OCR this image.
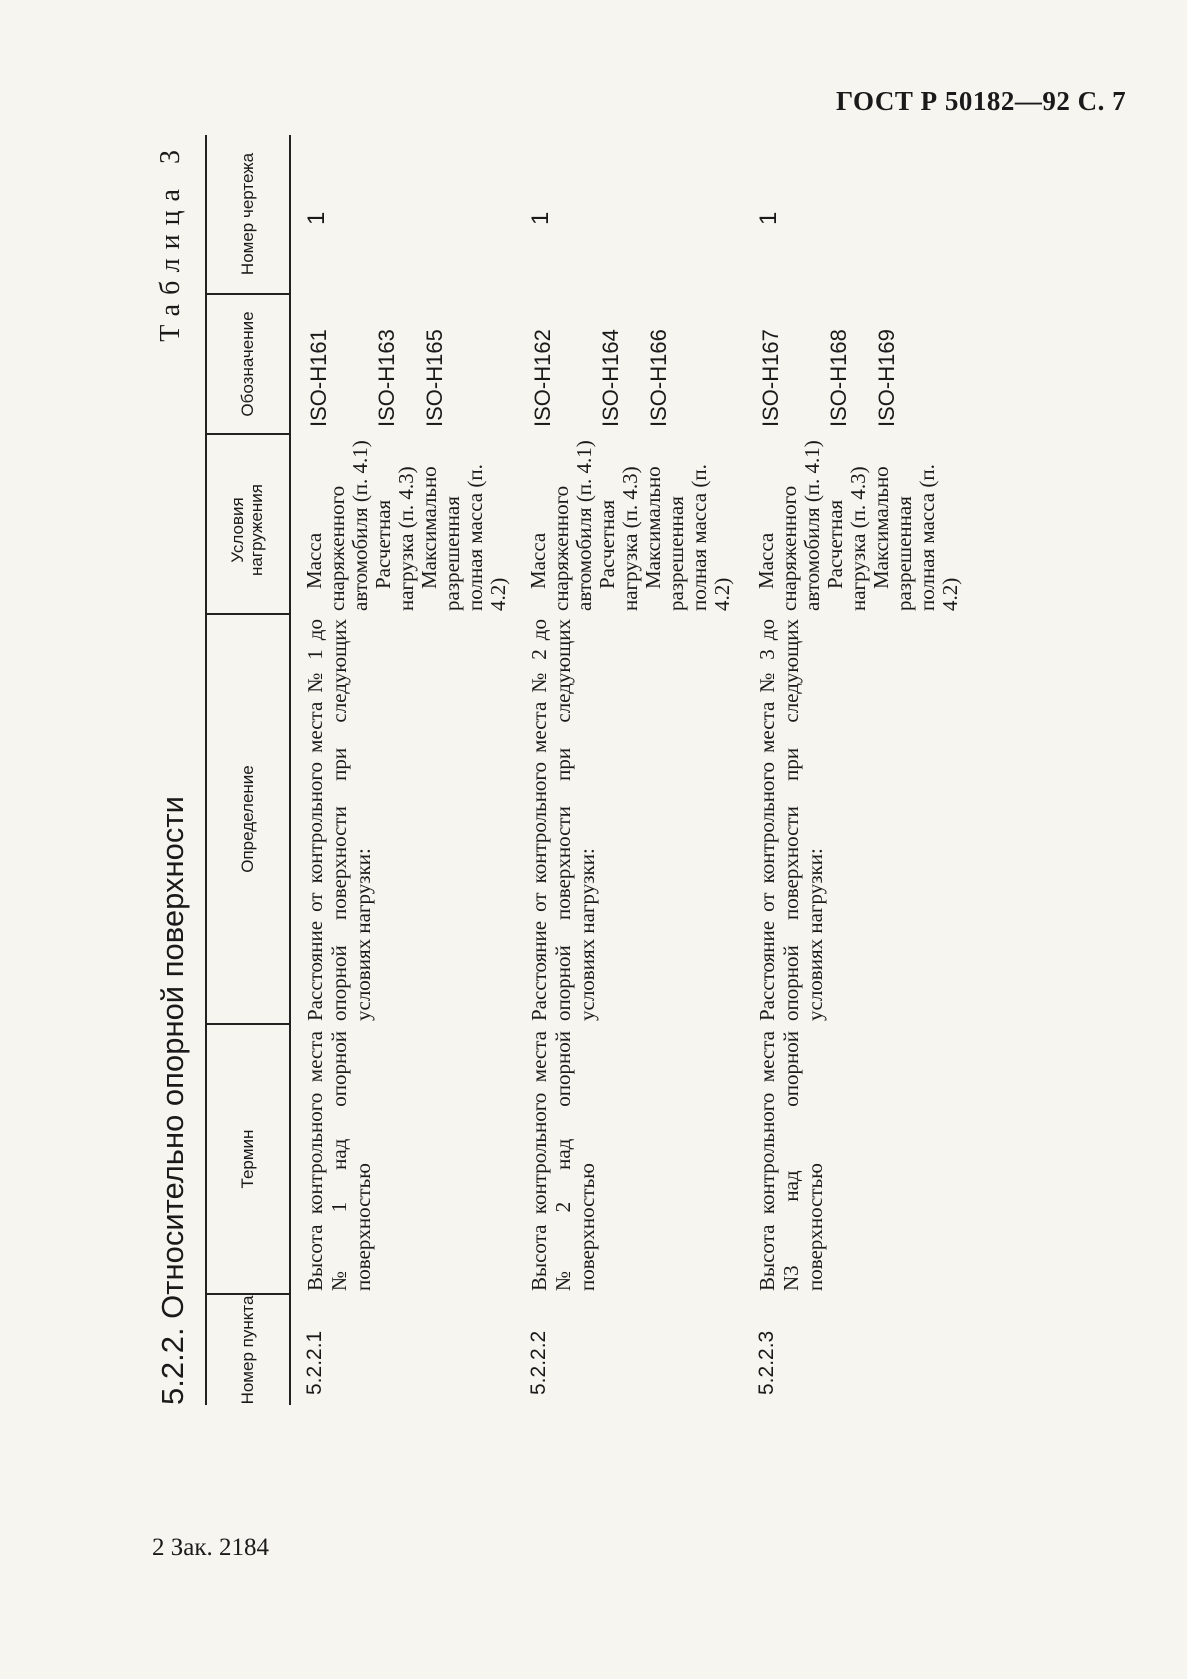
ГОСТ Р 50182—92 С. 7
2 Зак. 2184
5.2.2. Относительно опорной поверхности
Таблица 3
Номер пункта
Термин
Определение
Условия нагружения
Обозначение
Номер чертежа
5.2.2.1
Высота контрольного места № 1 над опорной поверхностью
Расстояние от контрольного места № 1 до опорной поверхности при следующих условиях нагрузки:

Масса снаряженного автомобиля (п. 4.1) Расчетная нагрузка (п. 4.3) Максимально разрешенная полная масса (п. 4.2)

ISO-H161 ISO-H163 ISO-H165

1
5.2.2.2
Высота контрольного места № 2 над опорной поверхностью
Расстояние от контрольного места № 2 до опорной поверхности при следующих условиях нагрузки:

Масса снаряженного автомобиля (п. 4.1) Расчетная нагрузка (п. 4.3) Максимально разрешенная полная масса (п. 4.2)

ISO-H162 ISO-H164 ISO-H166

1
5.2.2.3
Высота контрольного места N3 над опорной поверхностью
Расстояние от контрольного места № 3 до опорной поверхности при следующих условиях нагрузки:

Масса снаряженного автомобиля (п. 4.1) Расчетная нагрузка (п. 4.3) Максимально разрешенная полная масса (п. 4.2)

ISO-H167 ISO-H168 ISO-H169

1
